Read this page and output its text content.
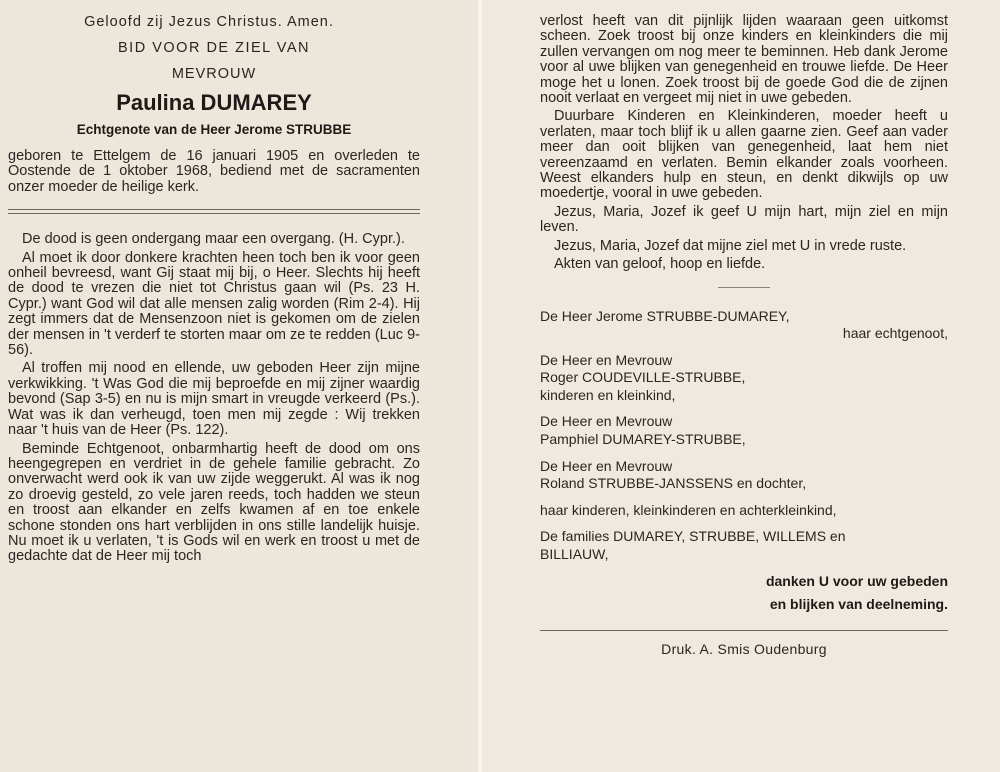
Geloofd zij Jezus Christus. Amen.

BID VOOR DE ZIEL VAN

MEVROUW

Paulina DUMAREY

Echtgenote van de Heer Jerome STRUBBE

geboren te Ettelgem de 16 januari 1905 en overleden te Oostende de 1 oktober 1968, bediend met de sacramenten onzer moeder de heilige kerk.

De dood is geen ondergang maar een overgang. (H. Cypr.).

Al moet ik door donkere krachten heen toch ben ik voor geen onheil bevreesd, want Gij staat mij bij, o Heer. Slechts hij heeft de dood te vrezen die niet tot Christus gaan wil (Ps. 23 H. Cypr.) want God wil dat alle mensen zalig worden (Rim 2-4). Hij zegt immers dat de Mensenzoon niet is gekomen om de zielen der mensen in 't verderf te storten maar om ze te redden (Luc 9-56).

Al troffen mij nood en ellende, uw geboden Heer zijn mijne verkwikking. 't Was God die mij beproefde en mij zijner waardig bevond (Sap 3-5) en nu is mijn smart in vreugde verkeerd (Ps.). Wat was ik dan verheugd, toen men mij zegde : Wij trekken naar 't huis van de Heer (Ps. 122).

Beminde Echtgenoot, onbarmhartig heeft de dood om ons heengegrepen en verdriet in de gehele familie gebracht. Zo onverwacht werd ook ik van uw zijde weggerukt. Al was ik nog zo droevig gesteld, zo vele jaren reeds, toch hadden we steun en troost aan elkander en zelfs kwamen af en toe enkele schone stonden ons hart verblijden in ons stille landelijk huisje. Nu moet ik u verlaten, 't is Gods wil en werk en troost u met de gedachte dat de Heer mij toch

verlost heeft van dit pijnlijk lijden waaraan geen uitkomst scheen. Zoek troost bij onze kinders en kleinkinders die mij zullen vervangen om nog meer te beminnen. Heb dank Jerome voor al uwe blijken van genegenheid en trouwe liefde. De Heer moge het u lonen. Zoek troost bij de goede God die de zijnen nooit verlaat en vergeet mij niet in uwe gebeden.

Duurbare Kinderen en Kleinkinderen, moeder heeft u verlaten, maar toch blijf ik u allen gaarne zien. Geef aan vader meer dan ooit blijken van genegenheid, laat hem niet vereenzaamd en verlaten. Bemin elkander zoals voorheen. Weest elkanders hulp en steun, en denkt dikwijls op uw moedertje, vooral in uwe gebeden.

Jezus, Maria, Jozef ik geef U mijn hart, mijn ziel en mijn leven.

Jezus, Maria, Jozef dat mijne ziel met U in vrede ruste.

Akten van geloof, hoop en liefde.

De Heer Jerome STRUBBE-DUMAREY,
haar echtgenoot,
De Heer en Mevrouw
Roger COUDEVILLE-STRUBBE,
kinderen en kleinkind,
De Heer en Mevrouw
Pamphiel DUMAREY-STRUBBE,
De Heer en Mevrouw
Roland STRUBBE-JANSSENS en dochter,
haar kinderen, kleinkinderen en achterkleinkind,
De families DUMAREY, STRUBBE, WILLEMS en
BILLIAUW,
danken U voor uw gebeden
en blijken van deelneming.

Druk. A. Smis Oudenburg
